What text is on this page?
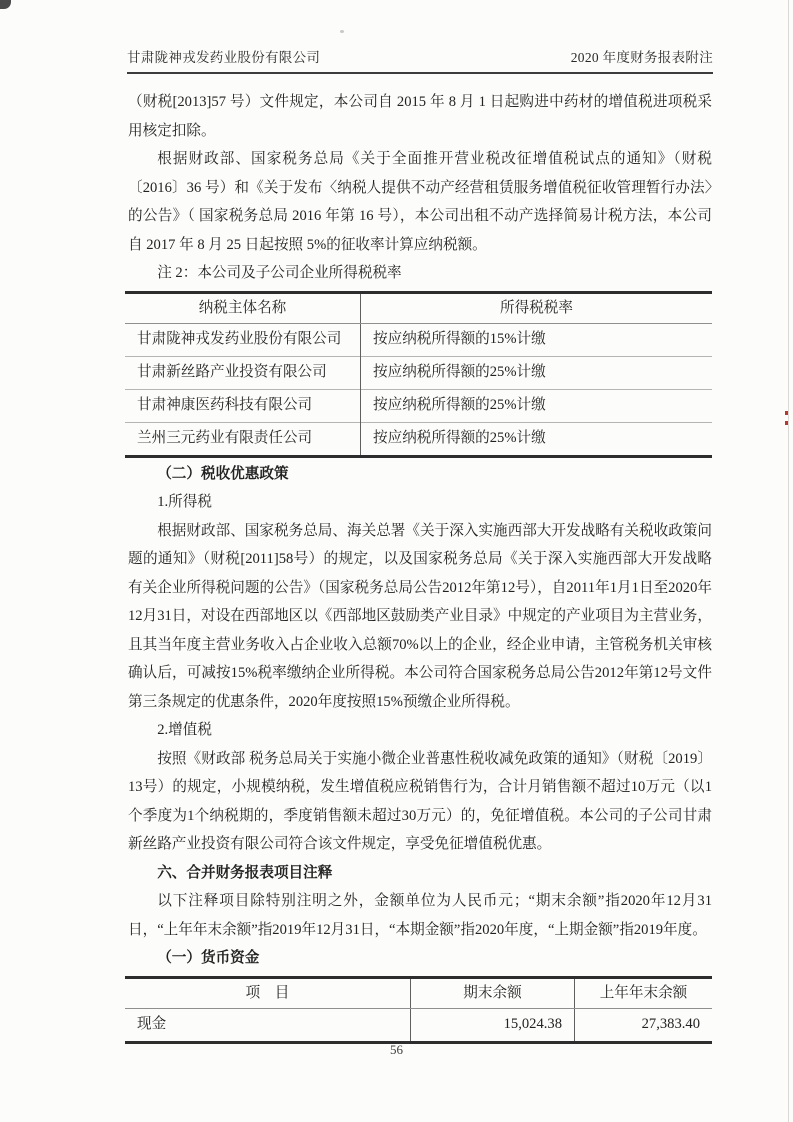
甘肃陇神戎发药业股份有限公司	2020 年度财务报表附注

（财税[2013]57 号）文件规定，本公司自 2015 年 8 月 1 日起购进中药材的增值税进项税采用核定扣除。

根据财政部、国家税务总局《关于全面推开营业税改征增值税试点的通知》（财税〔2016〕36 号）和《关于发布〈纳税人提供不动产经营租赁服务增值税征收管理暂行办法〉的公告》（ 国家税务总局 2016 年第 16 号），本公司出租不动产选择简易计税方法，本公司自 2017 年 8 月 25 日起按照 5%的征收率计算应纳税额。

注 2：本公司及子公司企业所得税税率

纳税主体名称	所得税税率
甘肃陇神戎发药业股份有限公司	按应纳税所得额的15%计缴
甘肃新丝路产业投资有限公司	按应纳税所得额的25%计缴
甘肃神康医药科技有限公司	按应纳税所得额的25%计缴
兰州三元药业有限责任公司	按应纳税所得额的25%计缴

（二）税收优惠政策

1.所得税

根据财政部、国家税务总局、海关总署《关于深入实施西部大开发战略有关税收政策问题的通知》（财税[2011]58号）的规定，以及国家税务总局《关于深入实施西部大开发战略有关企业所得税问题的公告》（国家税务总局公告2012年第12号），自2011年1月1日至2020年12月31日，对设在西部地区以《西部地区鼓励类产业目录》中规定的产业项目为主营业务，且其当年度主营业务收入占企业收入总额70%以上的企业，经企业申请，主管税务机关审核确认后，可减按15%税率缴纳企业所得税。本公司符合国家税务总局公告2012年第12号文件第三条规定的优惠条件，2020年度按照15%预缴企业所得税。

2.增值税

按照《财政部 税务总局关于实施小微企业普惠性税收减免政策的通知》（财税〔2019〕13号）的规定，小规模纳税，发生增值税应税销售行为，合计月销售额不超过10万元（以1个季度为1个纳税期的，季度销售额未超过30万元）的，免征增值税。本公司的子公司甘肃新丝路产业投资有限公司符合该文件规定，享受免征增值税优惠。

六、合并财务报表项目注释

以下注释项目除特别注明之外，金额单位为人民币元；“期末余额”指2020年12月31日，“上年年末余额”指2019年12月31日，“本期金额”指2020年度，“上期金额”指2019年度。

（一）货币资金

项　目	期末余额	上年年末余额
现金	15,024.38	27,383.40
56
